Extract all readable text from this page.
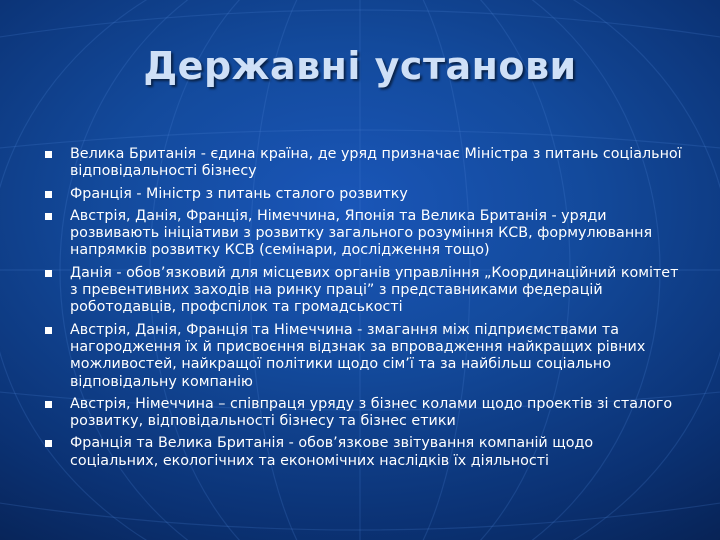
Державні установи
Велика Британія - єдина країна, де уряд призначає Міністра з питань соціальної відповідальності бізнесу
Франція - Міністр з питань сталого розвитку
Австрія, Данія, Франція, Німеччина, Японія та Велика Британія - уряди розвивають ініціативи з розвитку загального розуміння КСВ, формулювання напрямків розвитку КСВ (семінари, дослідження тощо)
Данія - обов’язковий для місцевих органів управління „Координаційний комітет з превентивних заходів на ринку праці” з представниками федерацій роботодавців, профспілок та громадськості
Австрія, Данія, Франція та Німеччина - змагання між підприємствами та нагородження їх й присвоєння відзнак за впровадження найкращих рівних можливостей, найкращої політики щодо сім’ї та за найбільш соціально відповідальну компанію
Австрія, Німеччина – співпраця уряду з бізнес колами щодо проектів зі сталого розвитку, відповідальності бізнесу та бізнес етики
Франція та Велика Британія - обов’язкове звітування компаній щодо соціальних, екологічних та економічних наслідків їх діяльності
